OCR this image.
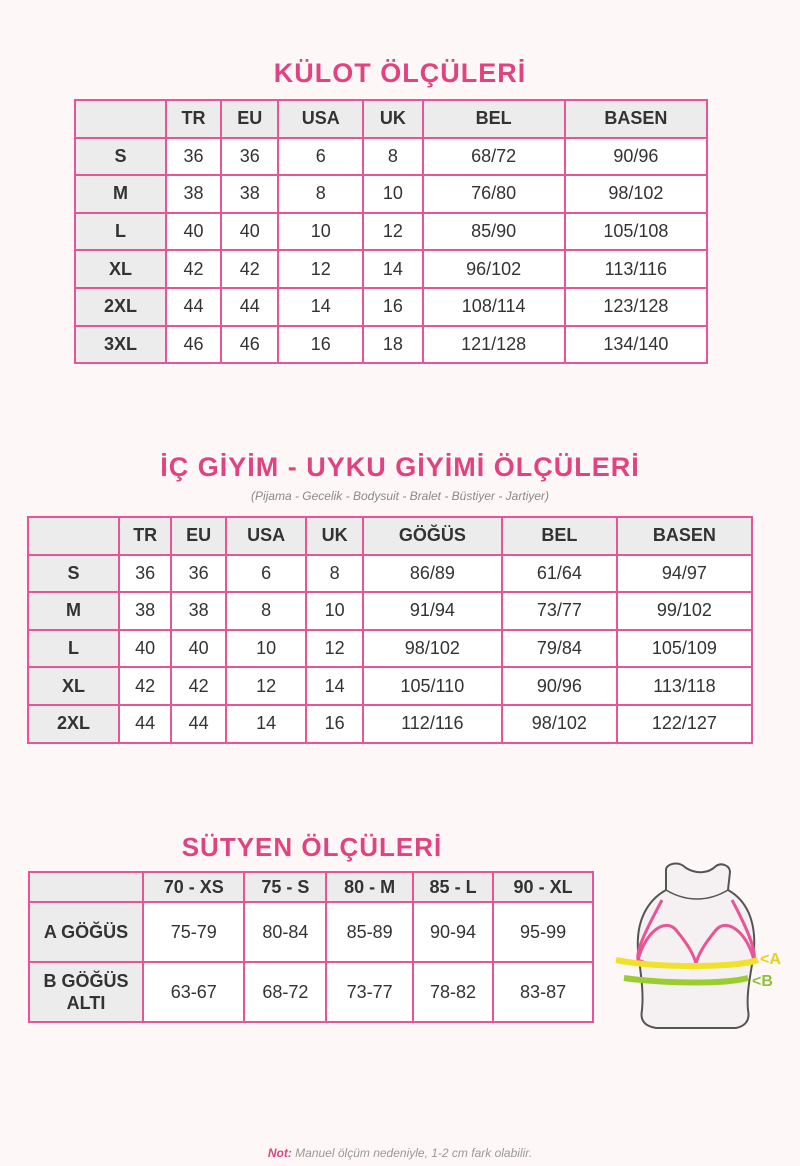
KÜLOT ÖLÇÜLERİ
	TR	EU	USA	UK	BEL	BASEN
S	36	36	6	8	68/72	90/96
M	38	38	8	10	76/80	98/102
L	40	40	10	12	85/90	105/108
XL	42	42	12	14	96/102	113/116
2XL	44	44	14	16	108/114	123/128
3XL	46	46	16	18	121/128	134/140
İÇ GİYİM - UYKU GİYİMİ ÖLÇÜLERİ
(Pijama - Gecelik - Bodysuit - Bralet - Büstiyer - Jartiyer)
	TR	EU	USA	UK	GÖĞÜS	BEL	BASEN
S	36	36	6	8	86/89	61/64	94/97
M	38	38	8	10	91/94	73/77	99/102
L	40	40	10	12	98/102	79/84	105/109
XL	42	42	12	14	105/110	90/96	113/118
2XL	44	44	14	16	112/116	98/102	122/127
SÜTYEN ÖLÇÜLERİ
	70 - XS	75 - S	80 - M	85 - L	90 - XL
A GÖĞÜS	75-79	80-84	85-89	90-94	95-99
B GÖĞÜS ALTI	63-67	68-72	73-77	78-82	83-87
<A
<B
Not: Manuel ölçüm nedeniyle, 1-2 cm fark olabilir.
